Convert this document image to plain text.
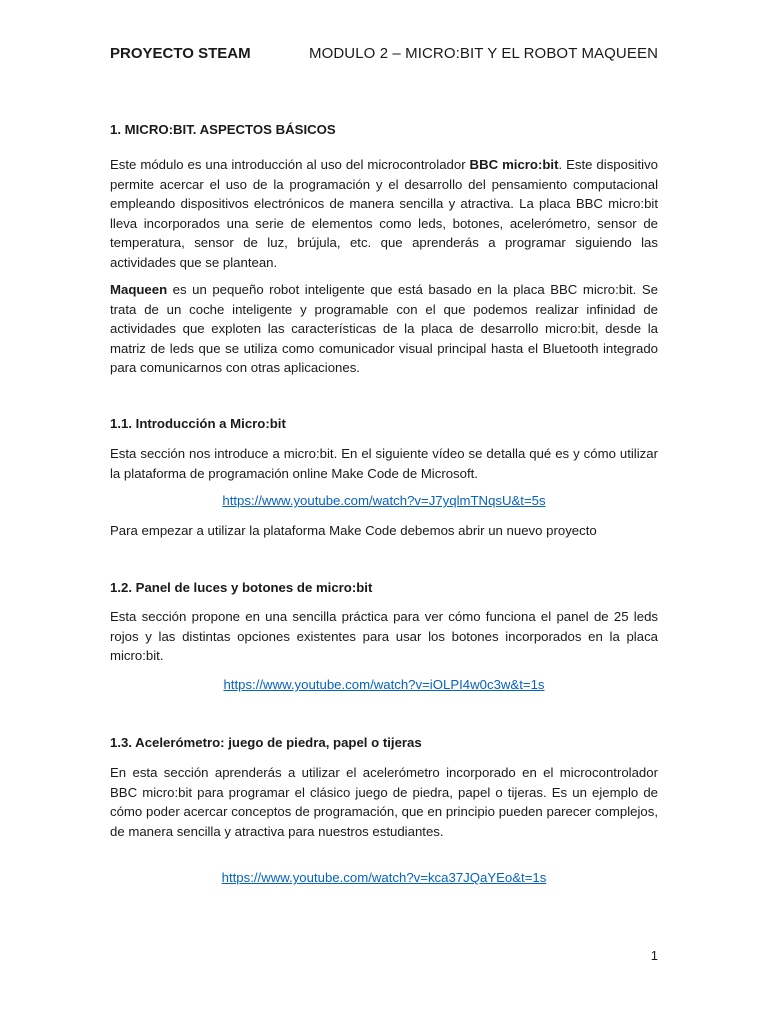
PROYECTO STEAM	MODULO 2 – MICRO:BIT Y EL ROBOT MAQUEEN
1. MICRO:BIT. ASPECTOS BÁSICOS

Este módulo es una introducción al uso del microcontrolador BBC micro:bit. Este dispositivo permite acercar el uso de la programación y el desarrollo del pensamiento computacional empleando dispositivos electrónicos de manera sencilla y atractiva. La placa BBC micro:bit lleva incorporados una serie de elementos como leds, botones, acelerómetro, sensor de temperatura, sensor de luz, brújula, etc. que aprenderás a programar siguiendo las actividades que se plantean.

Maqueen es un pequeño robot inteligente que está basado en la placa BBC micro:bit. Se trata de un coche inteligente y programable con el que podemos realizar infinidad de actividades que exploten las características de la placa de desarrollo micro:bit, desde la matriz de leds que se utiliza como comunicador visual principal hasta el Bluetooth integrado para comunicarnos con otras aplicaciones.

1.1. Introducción a Micro:bit

Esta sección nos introduce a micro:bit. En el siguiente vídeo se detalla qué es y cómo utilizar la plataforma de programación online Make Code de Microsoft.

https://www.youtube.com/watch?v=J7yqlmTNqsU&t=5s

Para empezar a utilizar la plataforma Make Code debemos abrir un nuevo proyecto

1.2. Panel de luces y botones de micro:bit

Esta sección propone en una sencilla práctica para ver cómo funciona el panel de 25 leds rojos y las distintas opciones existentes para usar los botones incorporados en la placa micro:bit.

https://www.youtube.com/watch?v=iOLPI4w0c3w&t=1s
1.3. Acelerómetro: juego de piedra, papel o tijeras

En esta sección aprenderás a utilizar el acelerómetro incorporado en el microcontrolador BBC micro:bit para programar el clásico juego de piedra, papel o tijeras. Es un ejemplo de cómo poder acercar conceptos de programación, que en principio pueden parecer complejos, de manera sencilla y atractiva para nuestros estudiantes.

https://www.youtube.com/watch?v=kca37JQaYEo&t=1s
1
